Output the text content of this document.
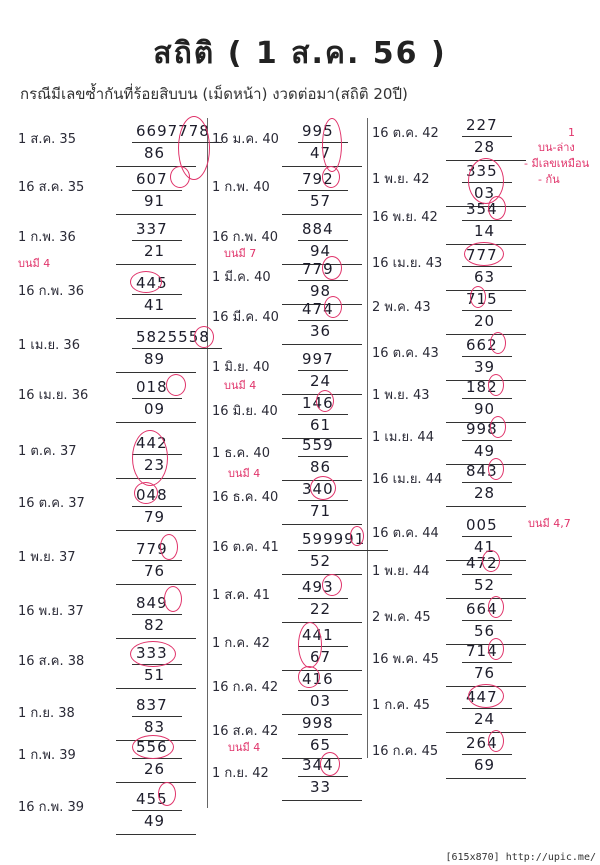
สถิติ ( 1 ส.ค. 56 )
กรณีมีเลขซ้ำกันที่ร้อยสิบบน (เม็ดหน้า) งวดต่อมา(สถิติ 20ปี)
1 ส.ค. 35	6697778
86
16 ส.ค. 35	607
91
1 ก.พ. 36	337
21
16 ก.พ. 36	445
41
1 เม.ย. 36	5825558
89
16 เม.ย. 36	018
09
1 ต.ค. 37	442
23
16 ต.ค. 37	048
79
1 พ.ย. 37	779
76
16 พ.ย. 37	849
82
16 ส.ค. 38	333
51
1 ก.ย. 38	837
83
1 ก.พ. 39	556
26
16 ก.พ. 39	455
49
บนมี 4
16 ม.ค. 40 995
47
1 ก.พ. 40 792
57
16 ก.พ. 40 884
94
1 มี.ค. 40 779
98
16 มี.ค. 40 474
36
1 มิ.ย. 40 997
24
16 มิ.ย. 40 146
61
1 ธ.ค. 40 559
86
16 ธ.ค. 40 340
71
16 ต.ค. 41 599991
52
1 ส.ค. 41 493
22
1 ก.ค. 42 441
67
16 ก.ค. 42 416
03
16 ส.ค. 42 998
65
1 ก.ย. 42 344
33
บนมี 7
บนมี 4
บนมี 4
บนมี 4
16 ต.ค. 42 227
28
1 พ.ย. 42 335
03
16 พ.ย. 42 354
14
16 เม.ย. 43 777
63
2 พ.ค. 43 715
20
16 ต.ค. 43 662
39
1 พ.ย. 43 182
90
1 เม.ย. 44 998
49
16 เม.ย. 44 843
28
16 ต.ค. 44 005
41
1 พ.ย. 44 472
52
2 พ.ค. 45 664
56
16 พ.ค. 45 714
76
1 ก.ค. 45 447
24
16 ก.ค. 45 264
69
1
บน-ล่าง
- มีเลขเหมือน
- กัน
บนมี 4,7
[615x870] http://upic.me/
